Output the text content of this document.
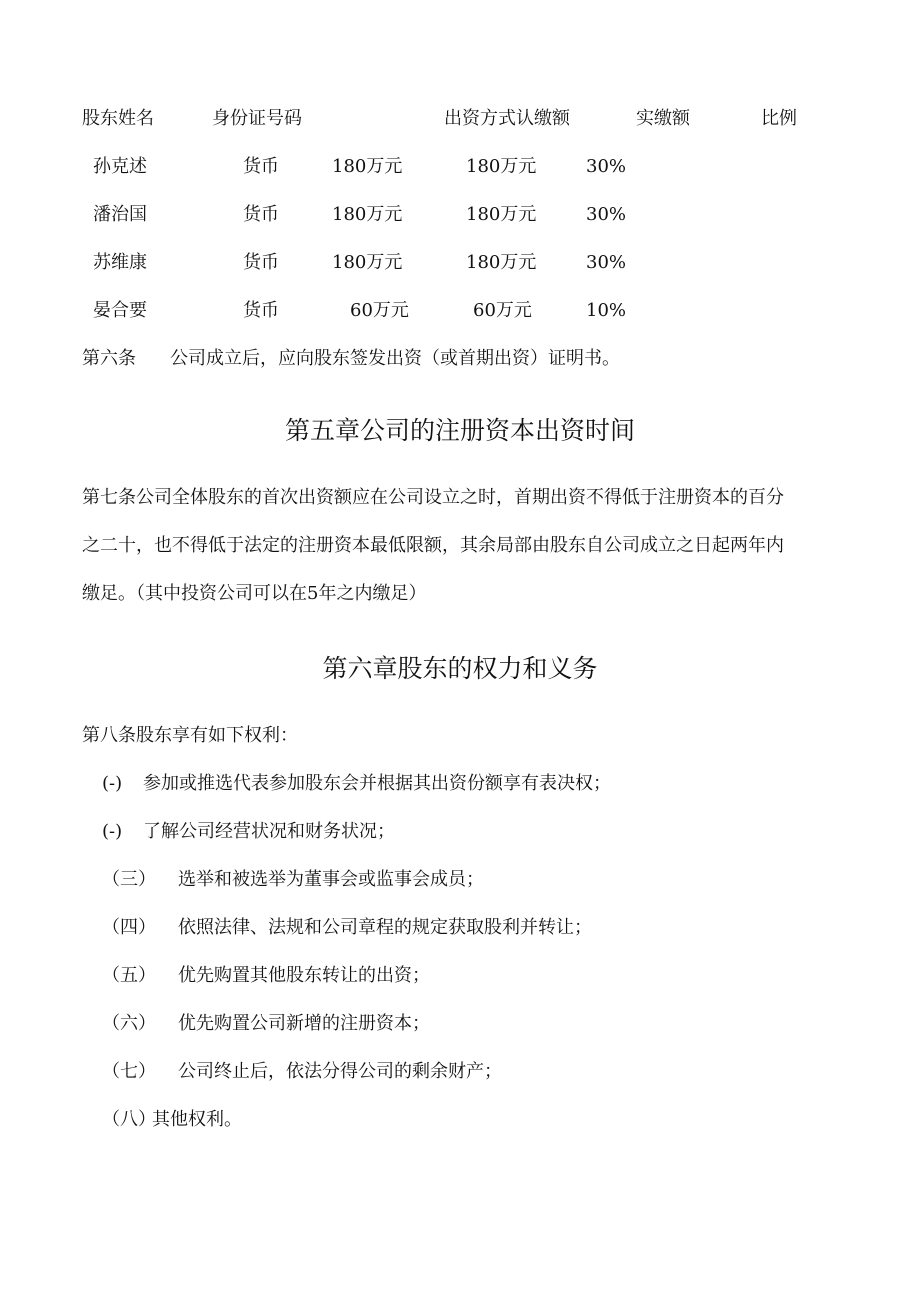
股东姓名	身份证号码	出资方式认缴额	实缴额	比例
孙克述	货币	180万元	180万元	30%
潘治国	货币	180万元	180万元	30%
苏维康	货币	180万元	180万元	30%
晏合要	货币	60万元	60万元	10%
第六条 公司成立后，应向股东签发出资（或首期出资）证明书。
第五章公司的注册资本出资时间
第七条公司全体股东的首次出资额应在公司设立之时，首期出资不得低于注册资本的百分
之二十，也不得低于法定的注册资本最低限额，其余局部由股东自公司成立之日起两年内
缴足。（其中投资公司可以在5年之内缴足）
第六章股东的权力和义务
第八条股东享有如下权利：
(-) 参加或推选代表参加股东会并根据其出资份额享有表决权；
(-) 了解公司经营状况和财务状况；
（三） 选举和被选举为董事会或监事会成员；
（四） 依照法律、法规和公司章程的规定获取股利并转让；
（五） 优先购置其他股东转让的出资；
（六） 优先购置公司新增的注册资本；
（七） 公司终止后，依法分得公司的剩余财产；
（八）
其他权利。
